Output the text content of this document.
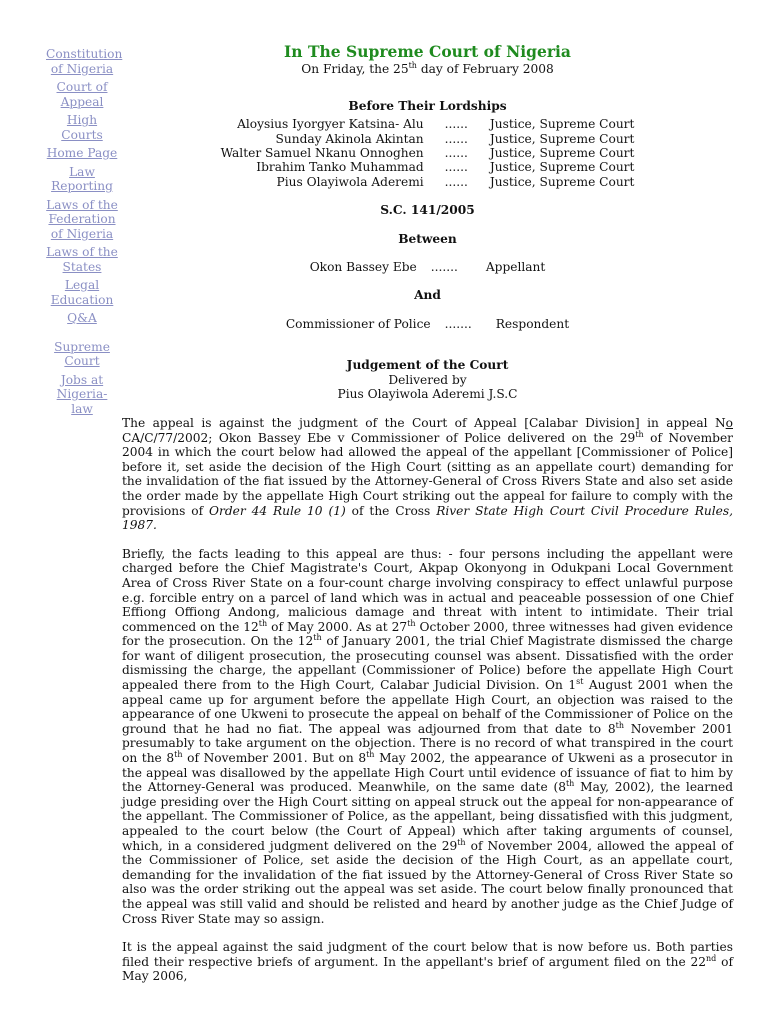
Constitution of Nigeria
Court of Appeal
High Courts
Home Page
Law Reporting
Laws of the Federation of Nigeria
Laws of the States
Legal Education
Q&A
Supreme Court
Jobs at Nigeria-law
In The Supreme Court of Nigeria
On Friday, the 25th day of February 2008
Before Their Lordships
Aloysius Iyorgyer Katsina- Alu	......	Justice, Supreme Court
Sunday Akinola Akintan	......	Justice, Supreme Court
Walter Samuel Nkanu Onnoghen	......	Justice, Supreme Court
Ibrahim Tanko Muhammad	......	Justice, Supreme Court
Pius Olayiwola Aderemi	......	Justice, Supreme Court
S.C. 141/2005
Between
Okon Bassey Ebe ....... Appellant
And
Commissioner of Police ....... Respondent
Judgement of the Court
Delivered by
Pius Olayiwola Aderemi J.S.C

The appeal is against the judgment of the Court of Appeal [Calabar Division] in appeal No CA/C/77/2002; Okon Bassey Ebe v Commissioner of Police delivered on the 29th of November 2004 in which the court below had allowed the appeal of the appellant [Commissioner of Police] before it, set aside the decision of the High Court (sitting as an appellate court) demanding for the invalidation of the fiat issued by the Attorney-General of Cross Rivers State and also set aside the order made by the appellate High Court striking out the appeal for failure to comply with the provisions of Order 44 Rule 10 (1) of the Cross River State High Court Civil Procedure Rules, 1987.

Briefly, the facts leading to this appeal are thus: - four persons including the appellant were charged before the Chief Magistrate's Court, Akpap Okonyong in Odukpani Local Government Area of Cross River State on a four-count charge involving conspiracy to effect unlawful purpose e.g. forcible entry on a parcel of land which was in actual and peaceable possession of one Chief Effiong Offiong Andong, malicious damage and threat with intent to intimidate. Their trial commenced on the 12th of May 2000. As at 27th October 2000, three witnesses had given evidence for the prosecution. On the 12th of January 2001, the trial Chief Magistrate dismissed the charge for want of diligent prosecution, the prosecuting counsel was absent. Dissatisfied with the order dismissing the charge, the appellant (Commissioner of Police) before the appellate High Court appealed there from to the High Court, Calabar Judicial Division. On 1st August 2001 when the appeal came up for argument before the appellate High Court, an objection was raised to the appearance of one Ukweni to prosecute the appeal on behalf of the Commissioner of Police on the ground that he had no fiat. The appeal was adjourned from that date to 8th November 2001 presumably to take argument on the objection. There is no record of what transpired in the court on the 8th of November 2001. But on 8th May 2002, the appearance of Ukweni as a prosecutor in the appeal was disallowed by the appellate High Court until evidence of issuance of fiat to him by the Attorney-General was produced. Meanwhile, on the same date (8th May, 2002), the learned judge presiding over the High Court sitting on appeal struck out the appeal for non-appearance of the appellant. The Commissioner of Police, as the appellant, being dissatisfied with this judgment, appealed to the court below (the Court of Appeal) which after taking arguments of counsel, which, in a considered judgment delivered on the 29th of November 2004, allowed the appeal of the Commissioner of Police, set aside the decision of the High Court, as an appellate court, demanding for the invalidation of the fiat issued by the Attorney-General of Cross River State so also was the order striking out the appeal was set aside. The court below finally pronounced that the appeal was still valid and should be relisted and heard by another judge as the Chief Judge of Cross River State may so assign.

It is the appeal against the said judgment of the court below that is now before us. Both parties filed their respective briefs of argument. In the appellant's brief of argument filed on the 22nd of May 2006,
